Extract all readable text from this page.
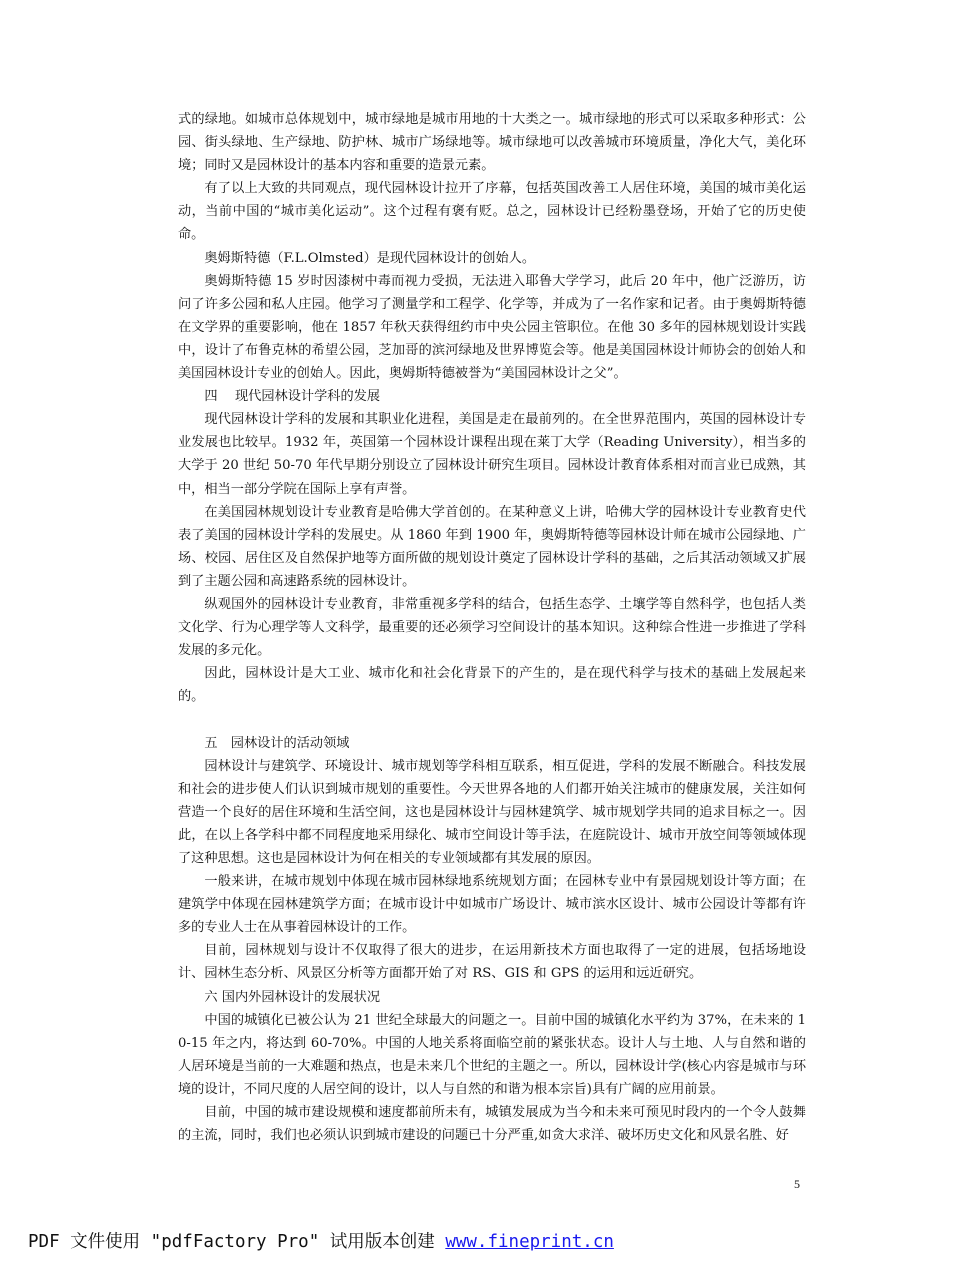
式的绿地。如城市总体规划中，城市绿地是城市用地的十大类之一。城市绿地的形式可以采取多种形式：公园、街头绿地、生产绿地、防护林、城市广场绿地等。城市绿地可以改善城市环境质量，净化大气，美化环境；同时又是园林设计的基本内容和重要的造景元素。

有了以上大致的共同观点，现代园林设计拉开了序幕，包括英国改善工人居住环境，美国的城市美化运动，当前中国的“城市美化运动”。这个过程有褒有贬。总之，园林设计已经粉墨登场，开始了它的历史使命。

奥姆斯特德（F.L.Olmsted）是现代园林设计的创始人。

奥姆斯特德 15 岁时因漆树中毒而视力受损，无法进入耶鲁大学学习，此后 20 年中，他广泛游历，访问了许多公园和私人庄园。他学习了测量学和工程学、化学等，并成为了一名作家和记者。由于奥姆斯特德在文学界的重要影响，他在 1857 年秋天获得纽约市中央公园主管职位。在他 30 多年的园林规划设计实践中，设计了布鲁克林的希望公园，芝加哥的滨河绿地及世界博览会等。他是美国园林设计师协会的创始人和美国园林设计专业的创始人。因此，奥姆斯特德被誉为“美国园林设计之父”。

四　 现代园林设计学科的发展

现代园林设计学科的发展和其职业化进程，美国是走在最前列的。在全世界范围内，英国的园林设计专业发展也比较早。1932 年，英国第一个园林设计课程出现在莱丁大学（Reading University），相当多的大学于 20 世纪 50-70 年代早期分别设立了园林设计研究生项目。园林设计教育体系相对而言业已成熟，其中，相当一部分学院在国际上享有声誉。

在美国园林规划设计专业教育是哈佛大学首创的。在某种意义上讲，哈佛大学的园林设计专业教育史代表了美国的园林设计学科的发展史。从 1860 年到 1900 年，奥姆斯特德等园林设计师在城市公园绿地、广场、校园、居住区及自然保护地等方面所做的规划设计奠定了园林设计学科的基础，之后其活动领域又扩展到了主题公园和高速路系统的园林设计。

纵观国外的园林设计专业教育，非常重视多学科的结合，包括生态学、土壤学等自然科学，也包括人类文化学、行为心理学等人文科学，最重要的还必须学习空间设计的基本知识。这种综合性进一步推进了学科发展的多元化。

因此，园林设计是大工业、城市化和社会化背景下的产生的，是在现代科学与技术的基础上发展起来的。

五　园林设计的活动领域

园林设计与建筑学、环境设计、城市规划等学科相互联系，相互促进，学科的发展不断融合。科技发展和社会的进步使人们认识到城市规划的重要性。今天世界各地的人们都开始关注城市的健康发展，关注如何营造一个良好的居住环境和生活空间，这也是园林设计与园林建筑学、城市规划学共同的追求目标之一。因此，在以上各学科中都不同程度地采用绿化、城市空间设计等手法，在庭院设计、城市开放空间等领域体现了这种思想。这也是园林设计为何在相关的专业领域都有其发展的原因。

一般来讲，在城市规划中体现在城市园林绿地系统规划方面；在园林专业中有景园规划设计等方面；在建筑学中体现在园林建筑学方面；在城市设计中如城市广场设计、城市滨水区设计、城市公园设计等都有许多的专业人士在从事着园林设计的工作。

目前，园林规划与设计不仅取得了很大的进步，在运用新技术方面也取得了一定的进展，包括场地设计、园林生态分析、风景区分析等方面都开始了对 RS、GIS 和 GPS 的运用和远近研究。

六 国内外园林设计的发展状况

中国的城镇化已被公认为 21 世纪全球最大的问题之一。目前中国的城镇化水平约为 37%，在未来的 10-15 年之内，将达到 60-70%。中国的人地关系将面临空前的紧张状态。设计人与土地、人与自然和谐的人居环境是当前的一大难题和热点，也是未来几个世纪的主题之一。所以，园林设计学(核心内容是城市与环境的设计，不同尺度的人居空间的设计，以人与自然的和谐为根本宗旨)具有广阔的应用前景。

目前，中国的城市建设规模和速度都前所未有，城镇发展成为当今和未来可预见时段内的一个令人鼓舞的主流，同时，我们也必须认识到城市建设的问题已十分严重,如贪大求洋、破坏历史文化和风景名胜、好

5
PDF 文件使用 "pdfFactory Pro" 试用版本创建 www.fineprint.cn
